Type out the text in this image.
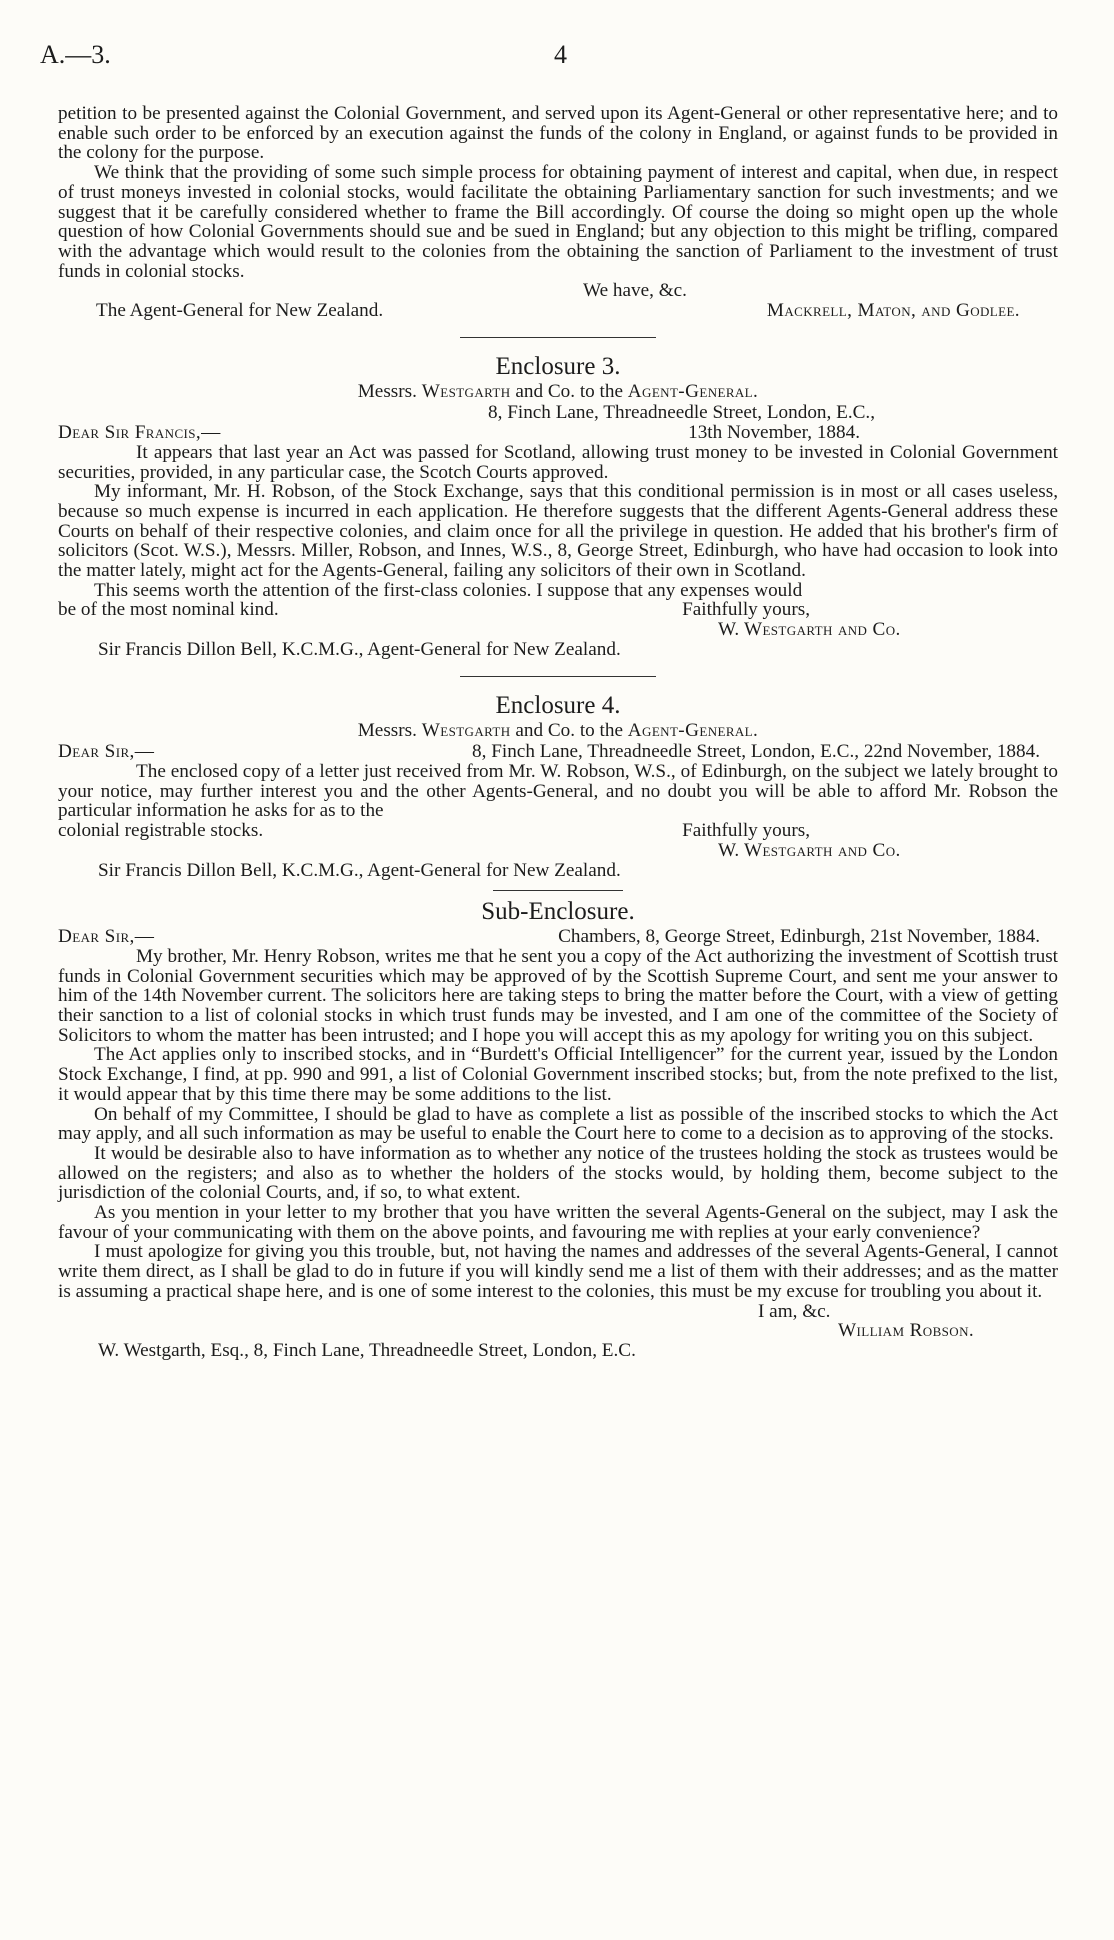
A.—3.	4

petition to be presented against the Colonial Government, and served upon its Agent-General or other representative here; and to enable such order to be enforced by an execution against the funds of the colony in England, or against funds to be provided in the colony for the purpose.

We think that the providing of some such simple process for obtaining payment of interest and capital, when due, in respect of trust moneys invested in colonial stocks, would facilitate the obtaining Parliamentary sanction for such investments; and we suggest that it be carefully considered whether to frame the Bill accordingly. Of course the doing so might open up the whole question of how Colonial Governments should sue and be sued in England; but any objection to this might be trifling, compared with the advantage which would result to the colonies from the obtaining the sanction of Parliament to the investment of trust funds in colonial stocks.

We have, &c.

The Agent-General for New Zealand.	Mackrell, Maton, and Godlee.
Enclosure 3.
Messrs. Westgarth and Co. to the Agent-General.

8, Finch Lane, Threadneedle Street, London, E.C.,

Dear Sir Francis,—	13th November, 1884.

It appears that last year an Act was passed for Scotland, allowing trust money to be invested in Colonial Government securities, provided, in any particular case, the Scotch Courts approved.

My informant, Mr. H. Robson, of the Stock Exchange, says that this conditional permission is in most or all cases useless, because so much expense is incurred in each application. He therefore suggests that the different Agents-General address these Courts on behalf of their respective colonies, and claim once for all the privilege in question. He added that his brother's firm of solicitors (Scot. W.S.), Messrs. Miller, Robson, and Innes, W.S., 8, George Street, Edinburgh, who have had occasion to look into the matter lately, might act for the Agents-General, failing any solicitors of their own in Scotland.

This seems worth the attention of the first-class colonies. I suppose that any expenses would

be of the most nominal kind.	Faithfully yours,

W. Westgarth and Co.

Sir Francis Dillon Bell, K.C.M.G., Agent-General for New Zealand.

Enclosure 4.
Messrs. Westgarth and Co. to the Agent-General.
Dear Sir,—	8, Finch Lane, Threadneedle Street, London, E.C., 22nd November, 1884.

The enclosed copy of a letter just received from Mr. W. Robson, W.S., of Edinburgh, on the subject we lately brought to your notice, may further interest you and the other Agents-General, and no doubt you will be able to afford Mr. Robson the particular information he asks for as to the

colonial registrable stocks.	Faithfully yours,

W. Westgarth and Co.

Sir Francis Dillon Bell, K.C.M.G., Agent-General for New Zealand.

Sub-Enclosure.
Dear Sir,—	Chambers, 8, George Street, Edinburgh, 21st November, 1884.

My brother, Mr. Henry Robson, writes me that he sent you a copy of the Act authorizing the investment of Scottish trust funds in Colonial Government securities which may be approved of by the Scottish Supreme Court, and sent me your answer to him of the 14th November current. The solicitors here are taking steps to bring the matter before the Court, with a view of getting their sanction to a list of colonial stocks in which trust funds may be invested, and I am one of the committee of the Society of Solicitors to whom the matter has been intrusted; and I hope you will accept this as my apology for writing you on this subject.

The Act applies only to inscribed stocks, and in “Burdett's Official Intelligencer” for the current year, issued by the London Stock Exchange, I find, at pp. 990 and 991, a list of Colonial Government inscribed stocks; but, from the note prefixed to the list, it would appear that by this time there may be some additions to the list.

On behalf of my Committee, I should be glad to have as complete a list as possible of the inscribed stocks to which the Act may apply, and all such information as may be useful to enable the Court here to come to a decision as to approving of the stocks.

It would be desirable also to have information as to whether any notice of the trustees holding the stock as trustees would be allowed on the registers; and also as to whether the holders of the stocks would, by holding them, become subject to the jurisdiction of the colonial Courts, and, if so, to what extent.

As you mention in your letter to my brother that you have written the several Agents-General on the subject, may I ask the favour of your communicating with them on the above points, and favouring me with replies at your early convenience?

I must apologize for giving you this trouble, but, not having the names and addresses of the several Agents-General, I cannot write them direct, as I shall be glad to do in future if you will kindly send me a list of them with their addresses; and as the matter is assuming a practical shape here, and is one of some interest to the colonies, this must be my excuse for troubling you about it.

I am, &c.

William Robson.

W. Westgarth, Esq., 8, Finch Lane, Threadneedle Street, London, E.C.
